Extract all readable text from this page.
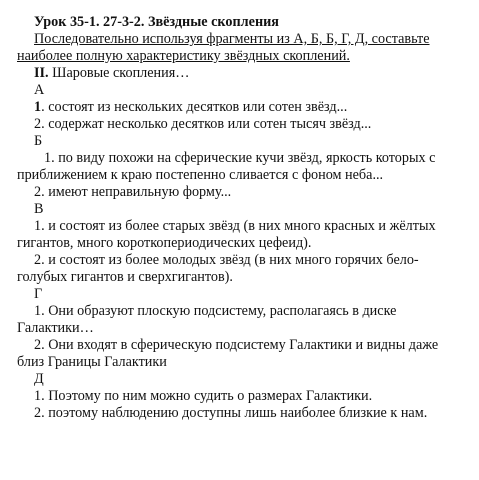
Урок 35-1. 27-3-2. Звёздные скопления

Последовательно используя фрагменты из А, Б, Б, Г, Д, составьте

наиболее полную характеристику звёздных скоплений.

II. Шаровые скопления…

А

1. состоят из нескольких десятков или сотен звёзд...

2. содержат несколько десятков или сотен тысяч звёзд...

Б

1. по виду похожи на сферические кучи звёзд, яркость которых с

приближением к краю постепенно сливается с фоном неба...

2. имеют неправильную форму...

В

1. и состоят из более старых звёзд (в них много красных и жёлтых

гигантов, много короткопериодических цефеид).

2. и состоят из более молодых звёзд (в них много горячих бело-

голубых гигантов и сверхгигантов).

Г

1. Они образуют плоскую подсистему, располагаясь в диске

Галактики…

2. Они входят в сферическую подсистему Галактики и видны даже

близ Границы Галактики

Д

1. Поэтому по ним можно судить о размерах Галактики.

2. поэтому наблюдению доступны лишь наиболее близкие к нам.
